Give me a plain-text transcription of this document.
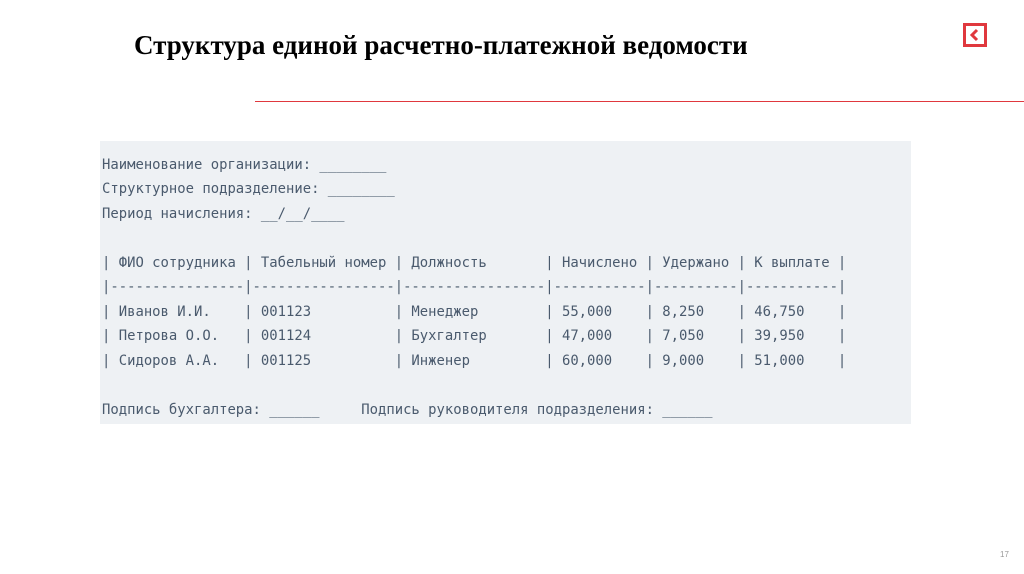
Структура единой расчетно-платежной ведомости
Наименование организации: ________
Структурное подразделение: ________
Период начисления: __/__/____
| ФИО сотрудника | Табельный номер | Должность       | Начислено | Удержано | К выплате |
|----------------|-----------------|-----------------|-----------|----------|-----------|
| Иванов И.И.    | 001123          | Менеджер        | 55,000    | 8,250    | 46,750    |
| Петрова О.О.   | 001124          | Бухгалтер       | 47,000    | 7,050    | 39,950    |
| Сидоров А.А.   | 001125          | Инженер         | 60,000    | 9,000    | 51,000    |
Подпись бухгалтера: ______     Подпись руководителя подразделения: ______
17
